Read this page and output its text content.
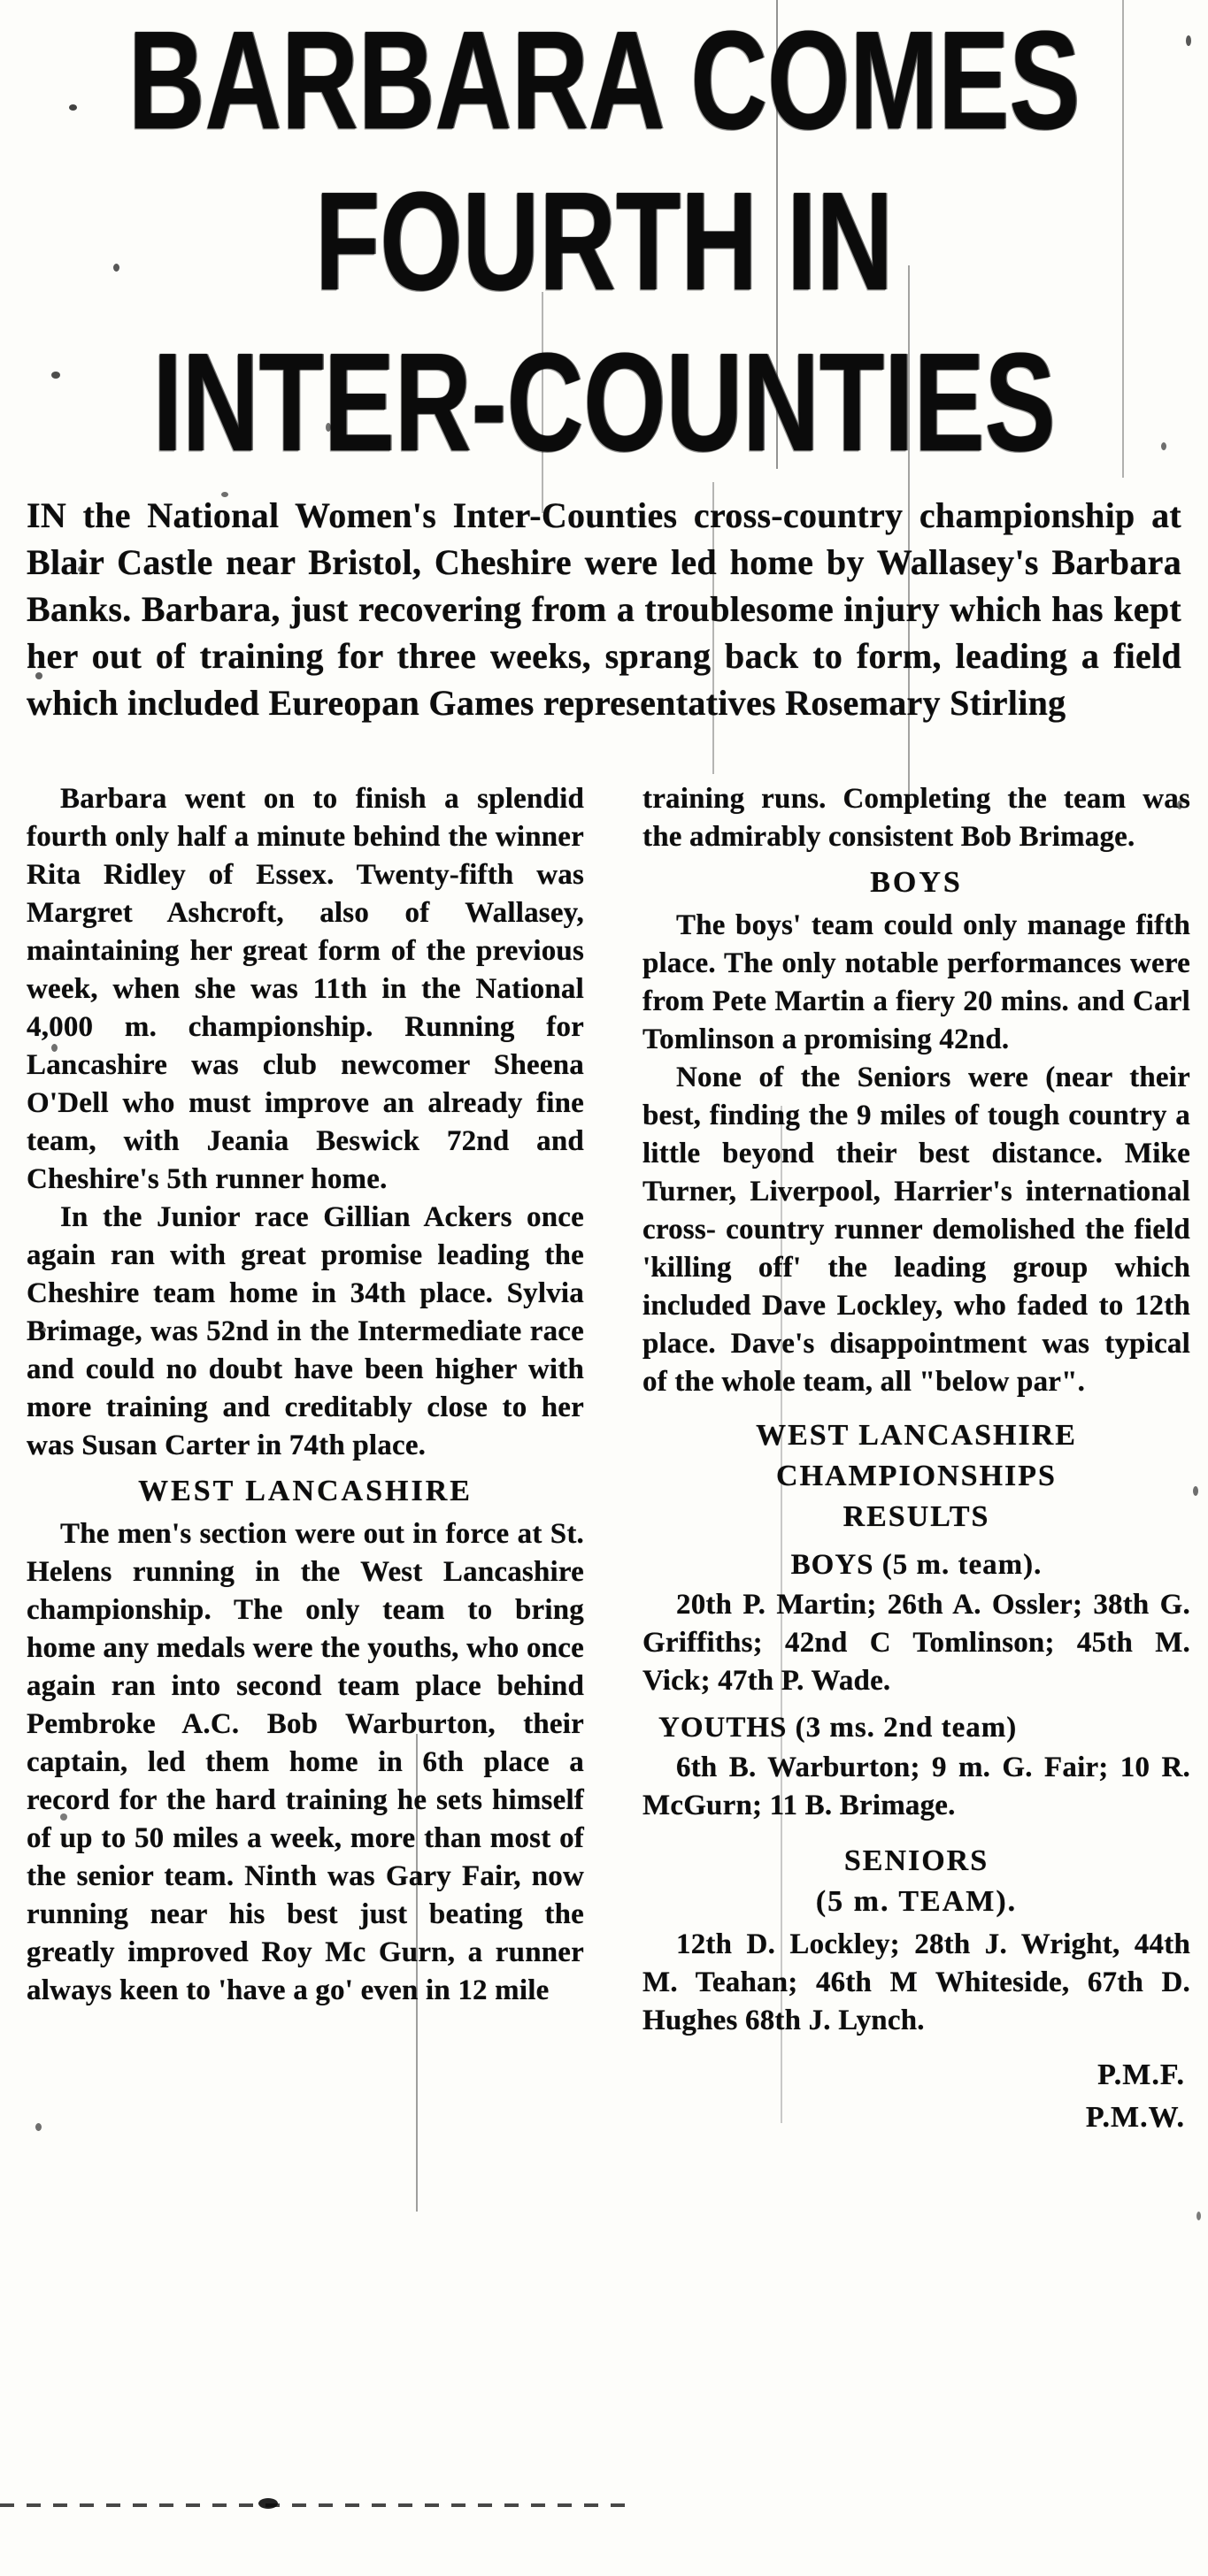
BARBARA COMES
FOURTH IN
INTER-COUNTIES

IN the National Women's Inter-Counties cross-country championship at Blair Castle near Bristol, Cheshire were led home by Wallasey's Barbara Banks. Barbara, just recovering from a troublesome injury which has kept her out of training for three weeks, sprang back to form, leading a field which included Eureopan Games representatives Rosemary Stirling

Barbara went on to finish a splendid fourth only half a minute behind the winner Rita Ridley of Essex. Twenty-fifth was Margret Ashcroft, also of Wallasey, maintaining her great form of the previous week, when she was 11th in the National 4,000 m. championship. Running for Lancashire was club newcomer Sheena O'Dell who must improve an already fine team, with Jeania Beswick 72nd and Cheshire's 5th runner home.

In the Junior race Gillian Ackers once again ran with great promise leading the Cheshire team home in 34th place. Sylvia Brimage, was 52nd in the Intermediate race and could no doubt have been higher with more training and creditably close to her was Susan Carter in 74th place.

WEST LANCASHIRE

The men's section were out in force at St. Helens running in the West Lancashire championship. The only team to bring home any medals were the youths, who once again ran into second team place behind Pembroke A.C. Bob Warburton, their captain, led them home in 6th place a record for the hard training he sets himself of up to 50 miles a week, more than most of the senior team. Ninth was Gary Fair, now running near his best just beating the greatly improved Roy Mc Gurn, a runner always keen to 'have a go' even in 12 mile

training runs. Completing the team was the admirably consistent Bob Brimage.

BOYS

The boys' team could only manage fifth place. The only notable performances were from Pete Martin a fiery 20 mins. and Carl Tomlinson a promising 42nd.

None of the Seniors were (near their best, finding the 9 miles of tough country a little beyond their best distance. Mike Turner, Liverpool, Harrier's international cross- country runner demolished the field 'killing off' the leading group which included Dave Lockley, who faded to 12th place. Dave's disappointment was typical of the whole team, all "below par".

WEST LANCASHIRE
CHAMPIONSHIPS
RESULTS
BOYS (5 m. team).

20th P. Martin; 26th A. Ossler; 38th G. Griffiths; 42nd C Tomlinson; 45th M. Vick; 47th P. Wade.

YOUTHS (3 ms. 2nd team)

6th B. Warburton; 9 m. G. Fair; 10 R. McGurn; 11 B. Brimage.

SENIORS
(5 m. TEAM).

12th D. Lockley; 28th J. Wright, 44th M. Teahan; 46th M Whiteside, 67th D. Hughes 68th J. Lynch.

P.M.F.
P.M.W.
